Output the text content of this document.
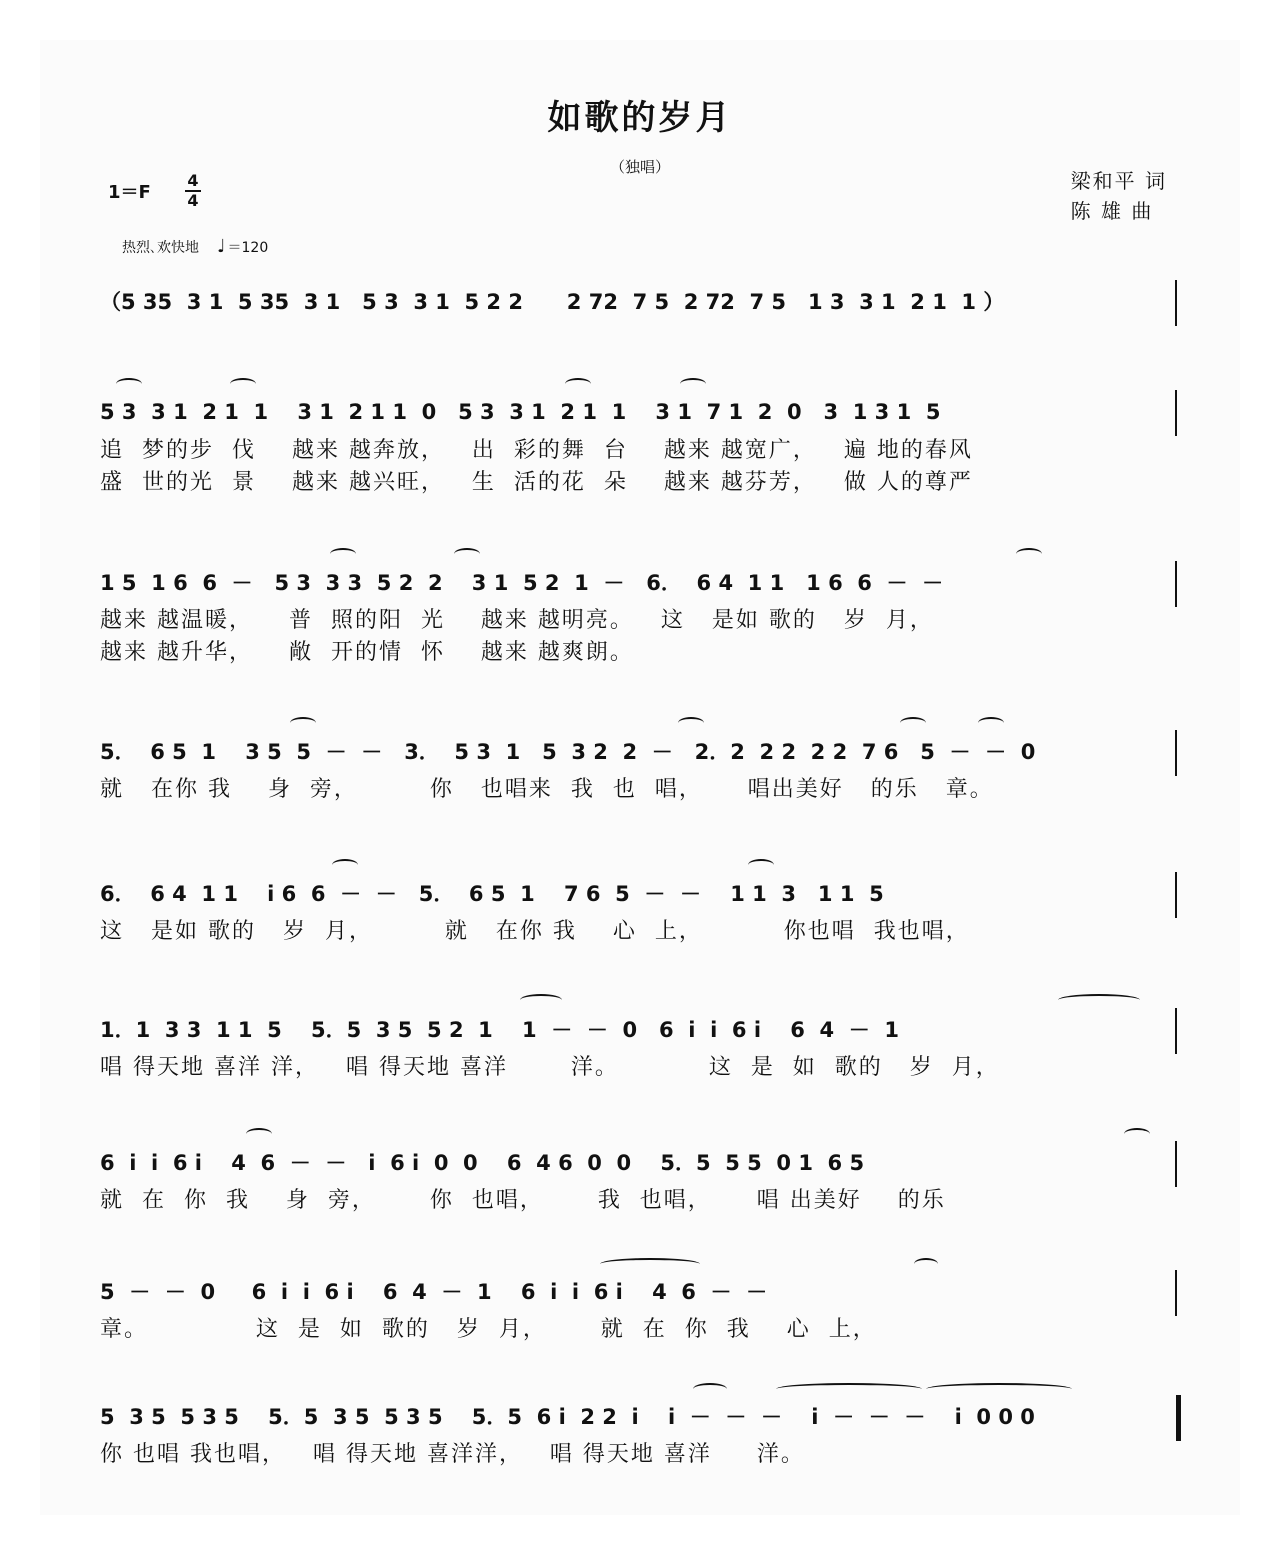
如歌的岁月
（独唱）
1＝F
4
4
梁和平 词
陈 雄 曲
热烈､欢快地 ♩ ＝120
（5 35  3 1  5 35  3 1   5 3  3 1  5 2 2      2 72  7 5  2 72  7 5   1 3  3 1  2 1  1 ）
5 3  3 1  2 1  1    3 1  2 1 1  0   5 3  3 1  2 1  1    3 1  7 1  2  0   3  1 3 1  5
追  梦的步  伐    越来 越奔放，   出  彩的舞  台    越来 越宽广，   遍 地的春风
盛  世的光  景    越来 越兴旺，   生  活的花  朵    越来 越芬芳，   做 人的尊严
1 5  1 6  6  －   5 3  3 3  5 2  2    3 1  5 2  1  －   6．  6 4  1 1   1 6  6  －  －
越来 越温暖，    普  照的阳  光    越来 越明亮。   这   是如 歌的   岁  月，
越来 越升华，    敞  开的情  怀    越来 越爽朗。
5．  6 5  1    3 5  5  －  －   3．  5 3  1   5  3 2  2  －   2．2  2 2  2 2  7 6   5  －  －  0
就   在你 我    身  旁，        你   也唱来  我  也  唱，     唱出美好   的乐   章。
6．  6 4  1 1    i 6  6  －  －   5．  6 5  1    7 6  5  －  －    1 1  3   1 1  5
这   是如 歌的   岁  月，        就   在你 我    心  上，         你也唱  我也唱，
1．1  3 3  1 1  5    5．5  3 5  5 2  1    1  －  －  0   6  i  i  6 i    6  4  －  1
唱 得天地 喜洋 洋，   唱 得天地 喜洋       洋。          这  是  如  歌的   岁  月，
6  i  i  6 i    4  6  －  －   i  6 i  0  0    6  4 6  0  0    5．5  5 5  0 1  6 5
就  在  你  我    身  旁，      你  也唱，      我  也唱，     唱 出美好    的乐
5  －  －  0     6  i  i  6 i    6  4  －  1    6  i  i  6 i    4  6  －  －
章。            这  是  如  歌的   岁  月，      就  在  你  我    心  上，
5  3 5  5 3 5    5．5  3 5  5 3 5    5．5  6 i  2 2  i    i  －  －  －    i  －  －  －    i  0 0 0
你 也唱 我也唱，   唱 得天地 喜洋洋，   唱 得天地 喜洋     洋。
